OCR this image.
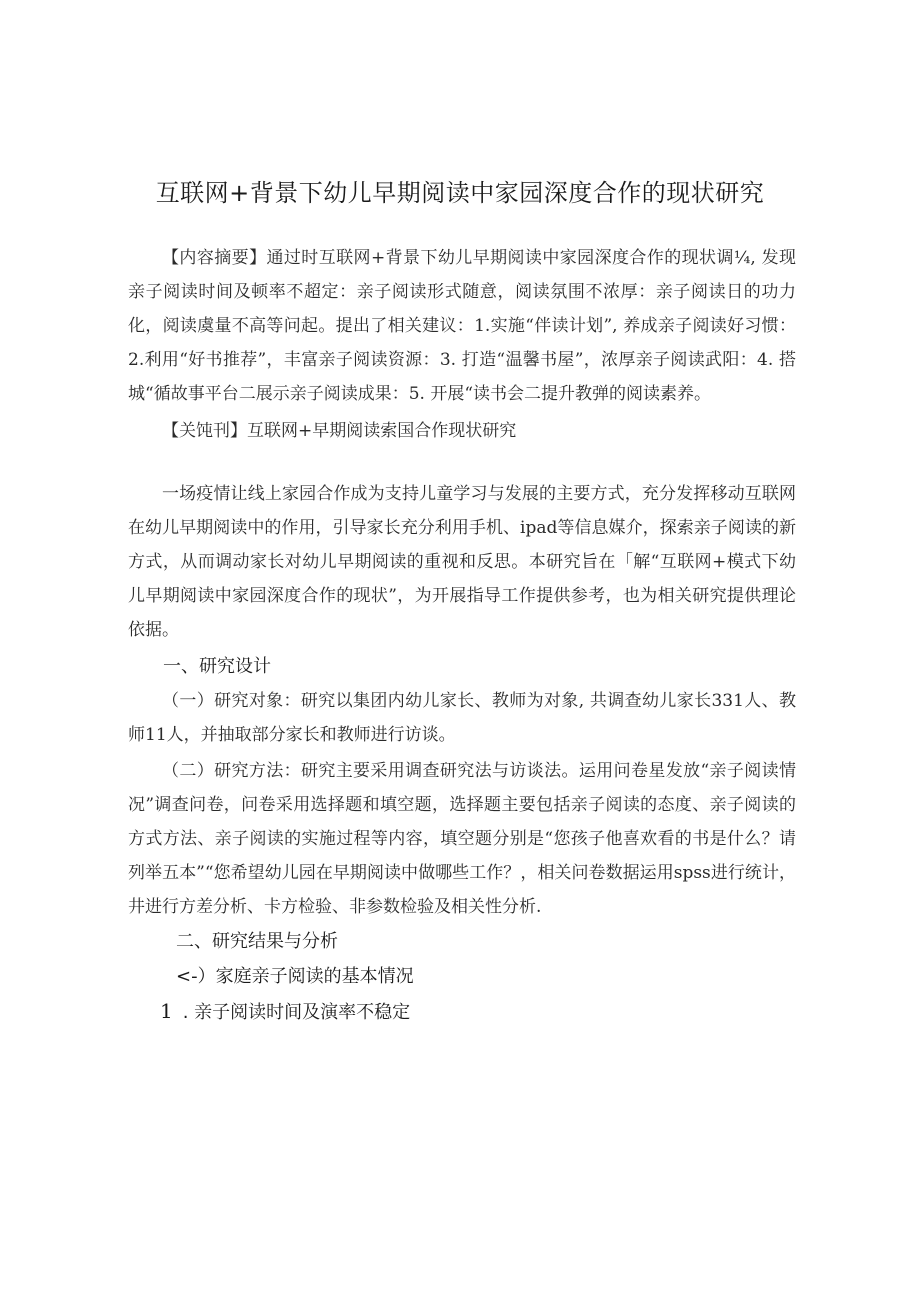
互联网+背景下幼儿早期阅读中家园深度合作的现状研究
【内容摘要】通过时互联网+背景下幼儿早期阅读中家园深度合作的现状调¼, 发现亲子阅读时间及顿率不超定：亲子阅读形式随意，阅读氛围不浓厚：亲子阅读日的功力化，阅读虞量不高等问起。提出了相关建议：1.实施“伴读计划”, 养成亲子阅读好习惯：2.利用“好书推荐”，丰富亲子阅读资源：3. 打造“温馨书屋”，浓厚亲子阅读武阳：4. 搭城“循故事平台二展示亲子阅读成果：5. 开展“读书会二提升教弹的阅读素养。
【关饨刊】互联网+早期阅读索国合作现状研究
一场疫情让线上家园合作成为支持儿童学习与发展的主要方式，充分发挥移动互联网在幼儿早期阅读中的作用，引导家长充分利用手机、ipad等信息媒介，探索亲子阅读的新方式，从而调动家长对幼儿早期阅读的重视和反思。本研究旨在「解“互联网+模式下幼儿早期阅读中家园深度合作的现状”，为开展指导工作提供参考，也为相关研究提供理论依据。
一、研究设计
（一）研究对象：研究以集团内幼儿家长、教师为对象, 共调查幼儿家长331人、教师11人，并抽取部分家长和教师进行访谈。
（二）研究方法：研究主要采用调查研究法与访谈法。运用问卷星发放“亲子阅读情况”调查问卷，问卷采用选择题和填空题，选择题主要包括亲子阅读的态度、亲子阅读的方式方法、亲子阅读的实施过程等内容，填空题分别是“您孩子他喜欢看的书是什么？请列举五本”“您希望幼儿园在早期阅读中做哪些工作？，相关问卷数据运用spss进行统计，井进行方差分析、卡方检验、非参数检验及相关性分析.
二、研究结果与分析
<-）家庭亲子阅读的基本情况
1 . 亲子阅读时间及演率不稳定
